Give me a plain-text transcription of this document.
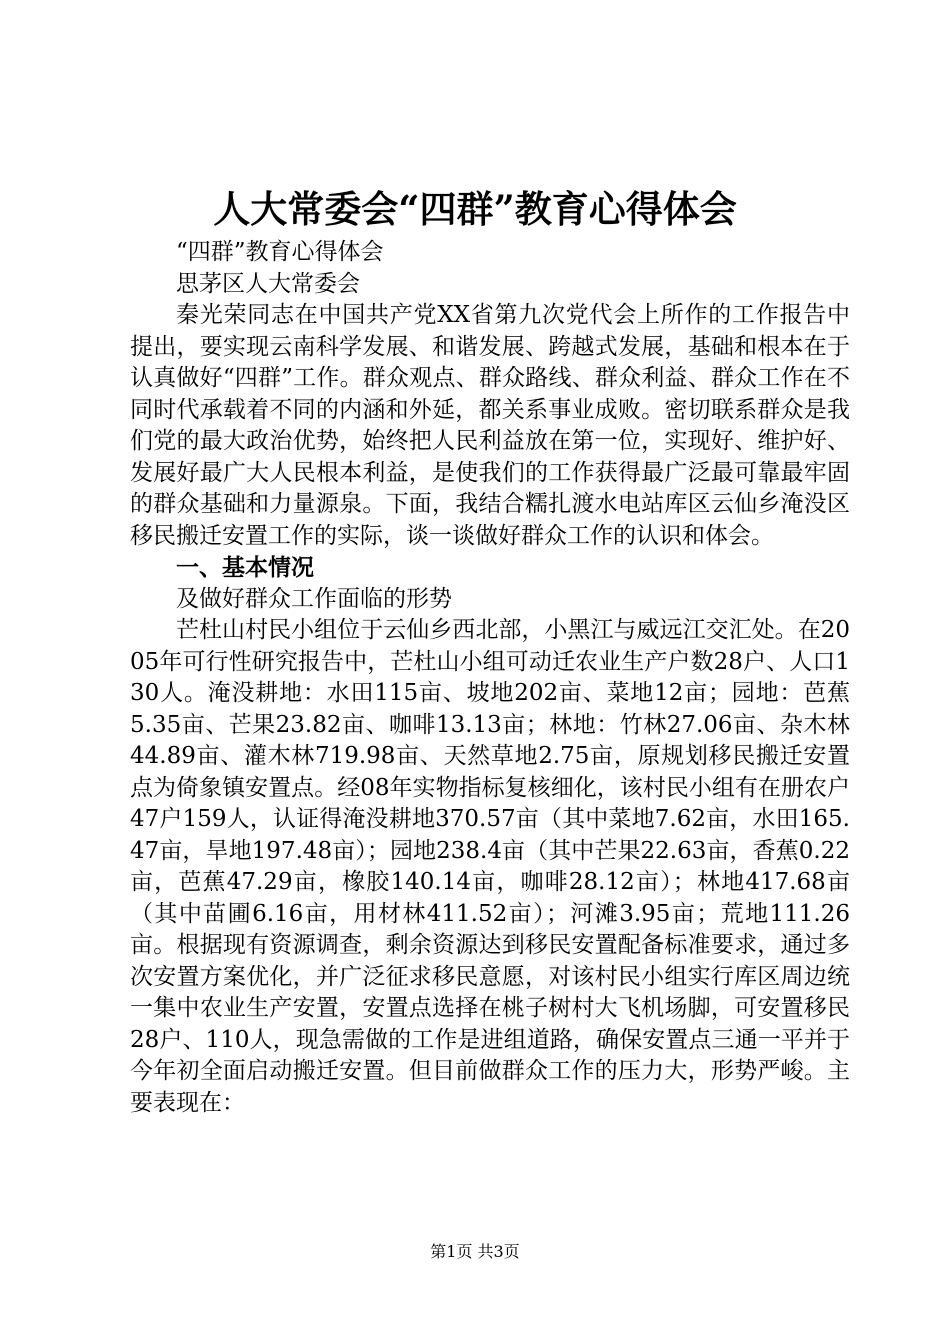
人大常委会“四群”教育心得体会

“四群”教育心得体会

思茅区人大常委会

秦光荣同志在中国共产党XX省第九次党代会上所作的工作报告中提出，要实现云南科学发展、和谐发展、跨越式发展，基础和根本在于认真做好“四群”工作。群众观点、群众路线、群众利益、群众工作在不同时代承载着不同的内涵和外延，都关系事业成败。密切联系群众是我们党的最大政治优势，始终把人民利益放在第一位，实现好、维护好、发展好最广大人民根本利益，是使我们的工作获得最广泛最可靠最牢固的群众基础和力量源泉。下面，我结合糯扎渡水电站库区云仙乡淹没区移民搬迁安置工作的实际，谈一谈做好群众工作的认识和体会。

一、基本情况

及做好群众工作面临的形势

芒杜山村民小组位于云仙乡西北部，小黑江与威远江交汇处。在2005年可行性研究报告中，芒杜山小组可动迁农业生产户数28户、人口130人。淹没耕地：水田115亩、坡地202亩、菜地12亩；园地：芭蕉5.35亩、芒果23.82亩、咖啡13.13亩；林地：竹林27.06亩、杂木林44.89亩、灌木林719.98亩、天然草地2.75亩，原规划移民搬迁安置点为倚象镇安置点。经08年实物指标复核细化，该村民小组有在册农户47户159人，认证得淹没耕地370.57亩（其中菜地7.62亩，水田165.47亩，旱地197.48亩）；园地238.4亩（其中芒果22.63亩，香蕉0.22亩，芭蕉47.29亩，橡胶140.14亩，咖啡28.12亩）；林地417.68亩（其中苗圃6.16亩，用材林411.52亩）；河滩3.95亩；荒地111.26亩。根据现有资源调查，剩余资源达到移民安置配备标准要求，通过多次安置方案优化，并广泛征求移民意愿，对该村民小组实行库区周边统一集中农业生产安置，安置点选择在桃子树村大飞机场脚，可安置移民28户、110人，现急需做的工作是进组道路，确保安置点三通一平并于今年初全面启动搬迁安置。但目前做群众工作的压力大，形势严峻。主要表现在：

第1页 共3页
